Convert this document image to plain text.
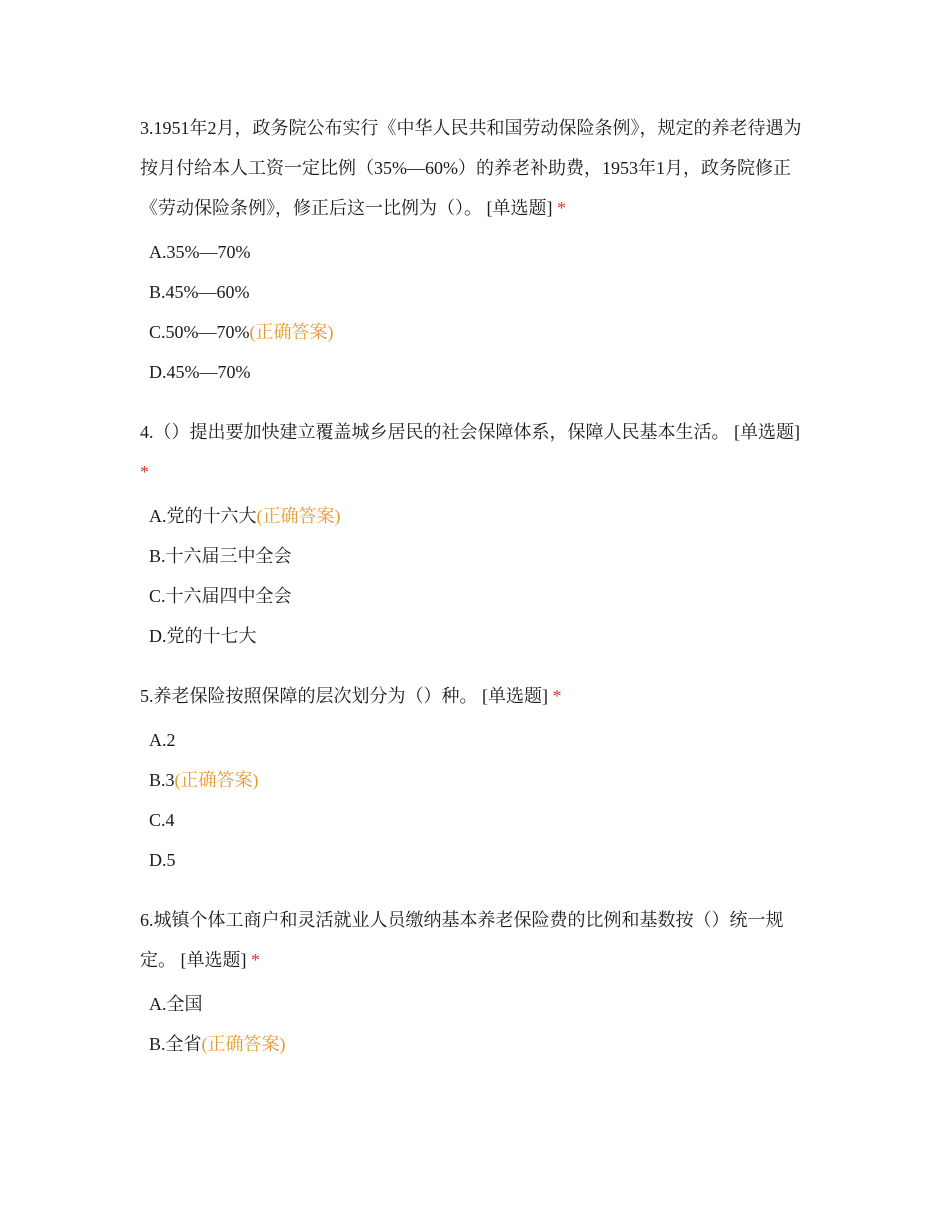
3.1951年2月，政务院公布实行《中华人民共和国劳动保险条例》，规定的养老待遇为按月付给本人工资一定比例（35%—60%）的养老补助费，1953年1月，政务院修正《劳动保险条例》，修正后这一比例为（）。 [单选题] *

A.35%—70%
B.45%—60%
C.50%—70%(正确答案)
D.45%—70%

4.（）提出要加快建立覆盖城乡居民的社会保障体系，保障人民基本生活。 [单选题] *

A.党的十六大(正确答案)
B.十六届三中全会
C.十六届四中全会
D.党的十七大

5.养老保险按照保障的层次划分为（）种。 [单选题] *

A.2
B.3(正确答案)
C.4
D.5

6.城镇个体工商户和灵活就业人员缴纳基本养老保险费的比例和基数按（）统一规定。 [单选题] *

A.全国
B.全省(正确答案)
